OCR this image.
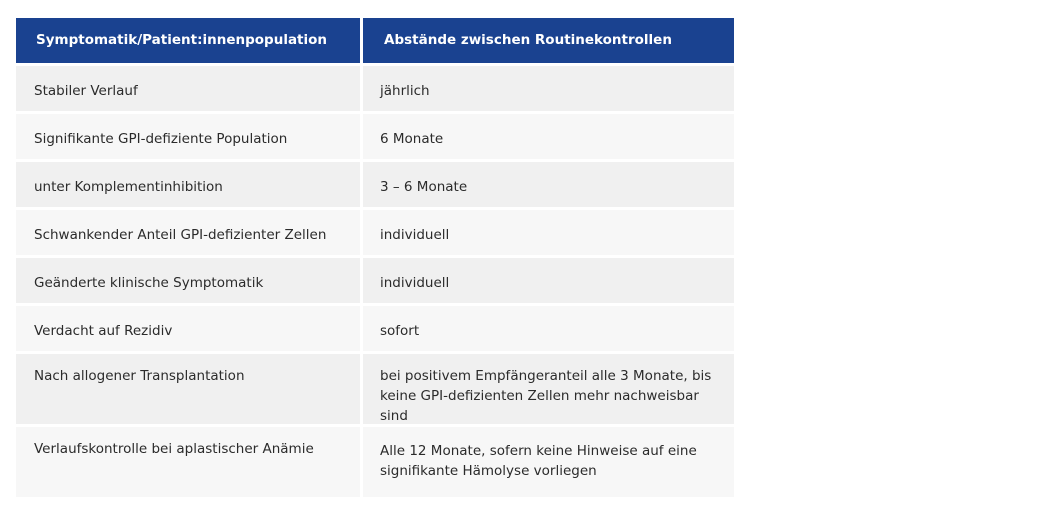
Symptomatik/Patient:innenpopulation	Abstände zwischen Routinekontrollen
Stabiler Verlauf	jährlich
Signifikante GPI-defiziente Population	6 Monate
unter Komplementinhibition	3 – 6 Monate
Schwankender Anteil GPI-defizienter Zellen	individuell
Geänderte klinische Symptomatik	individuell
Verdacht auf Rezidiv	sofort
Nach allogener Transplantation	bei positivem Empfängeranteil alle 3 Monate, bis keine GPI-defizienten Zellen mehr nachweisbar sind
Verlaufskontrolle bei aplastischer Anämie	Alle 12 Monate, sofern keine Hinweise auf eine signifikante Hämolyse vorliegen
